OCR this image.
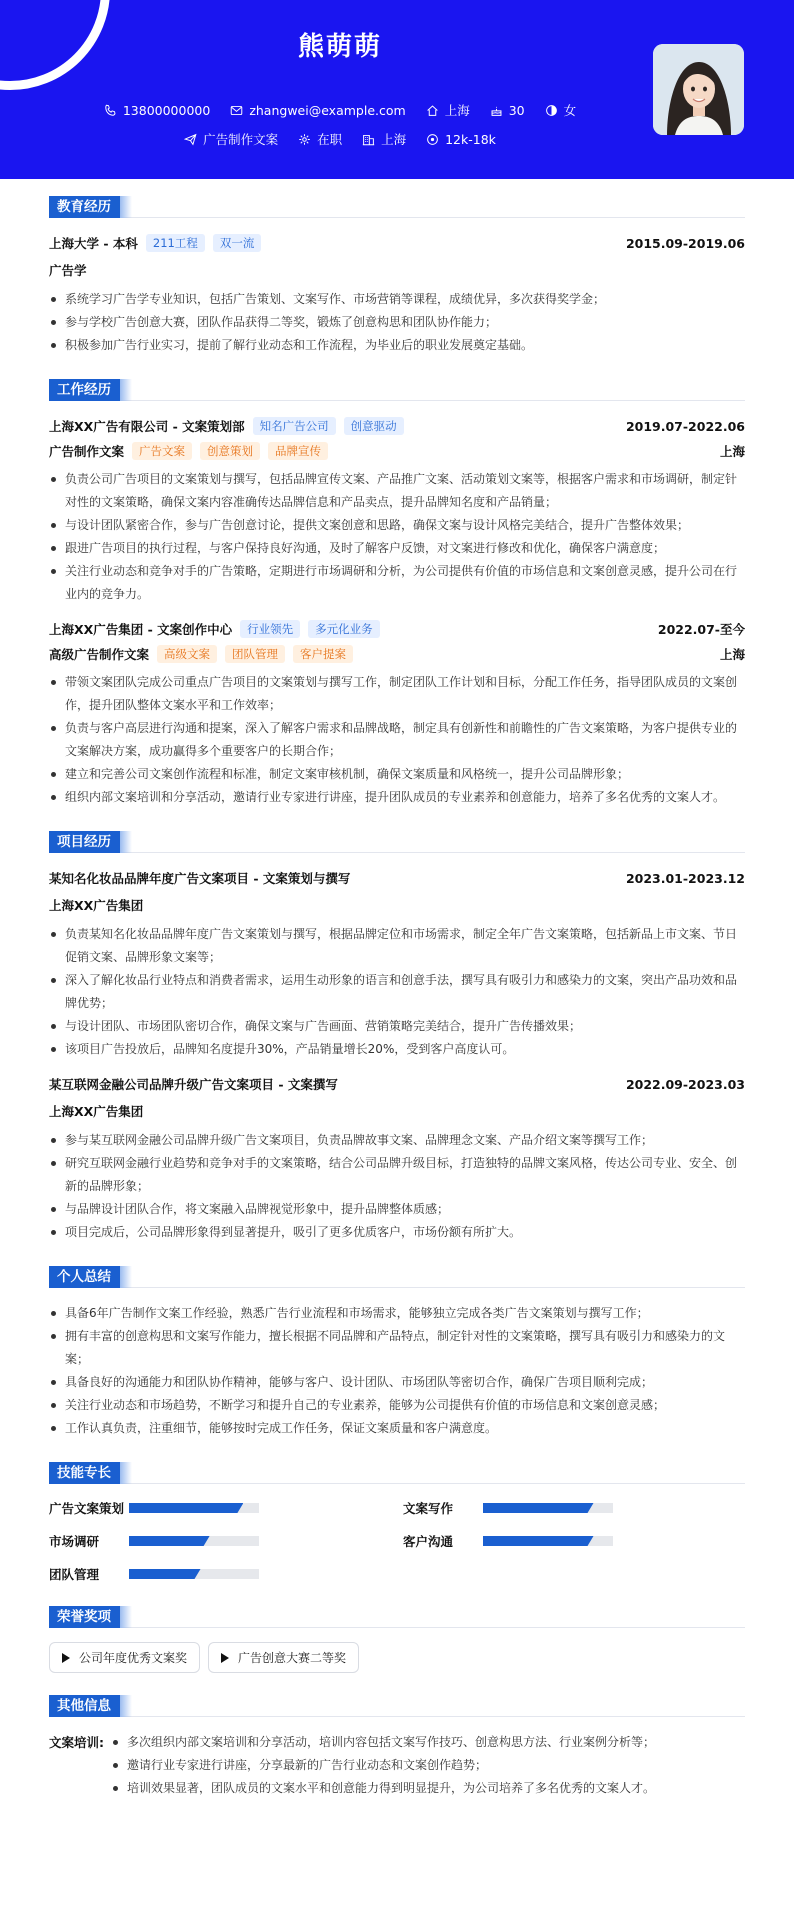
熊萌萌
13800000000	zhangwei@example.com	上海	30	女
广告制作文案	在职	上海	12k-18k
教育经历
上海大学 - 本科	211工程	双一流	2015.09-2019.06
广告学
系统学习广告学专业知识，包括广告策划、文案写作、市场营销等课程，成绩优异，多次获得奖学金；
参与学校广告创意大赛，团队作品获得二等奖，锻炼了创意构思和团队协作能力；
积极参加广告行业实习，提前了解行业动态和工作流程，为毕业后的职业发展奠定基础。
工作经历
上海XX广告有限公司 - 文案策划部	知名广告公司	创意驱动	2019.07-2022.06
广告制作文案	广告文案	创意策划	品牌宣传	上海
负责公司广告项目的文案策划与撰写，包括品牌宣传文案、产品推广文案、活动策划文案等，根据客户需求和市场调研，制定针对性的文案策略，确保文案内容准确传达品牌信息和产品卖点，提升品牌知名度和产品销量；
与设计团队紧密合作，参与广告创意讨论，提供文案创意和思路，确保文案与设计风格完美结合，提升广告整体效果；
跟进广告项目的执行过程，与客户保持良好沟通，及时了解客户反馈，对文案进行修改和优化，确保客户满意度；
关注行业动态和竞争对手的广告策略，定期进行市场调研和分析，为公司提供有价值的市场信息和文案创意灵感，提升公司在行业内的竞争力。
上海XX广告集团 - 文案创作中心	行业领先	多元化业务	2022.07-至今
高级广告制作文案	高级文案	团队管理	客户提案	上海
带领文案团队完成公司重点广告项目的文案策划与撰写工作，制定团队工作计划和目标，分配工作任务，指导团队成员的文案创作，提升团队整体文案水平和工作效率；
负责与客户高层进行沟通和提案，深入了解客户需求和品牌战略，制定具有创新性和前瞻性的广告文案策略，为客户提供专业的文案解决方案，成功赢得多个重要客户的长期合作；
建立和完善公司文案创作流程和标准，制定文案审核机制，确保文案质量和风格统一，提升公司品牌形象；
组织内部文案培训和分享活动，邀请行业专家进行讲座，提升团队成员的专业素养和创意能力，培养了多名优秀的文案人才。
项目经历
某知名化妆品品牌年度广告文案项目 - 文案策划与撰写	2023.01-2023.12
上海XX广告集团
负责某知名化妆品品牌年度广告文案策划与撰写，根据品牌定位和市场需求，制定全年广告文案策略，包括新品上市文案、节日促销文案、品牌形象文案等；
深入了解化妆品行业特点和消费者需求，运用生动形象的语言和创意手法，撰写具有吸引力和感染力的文案，突出产品功效和品牌优势；
与设计团队、市场团队密切合作，确保文案与广告画面、营销策略完美结合，提升广告传播效果；
该项目广告投放后，品牌知名度提升30%，产品销量增长20%，受到客户高度认可。
某互联网金融公司品牌升级广告文案项目 - 文案撰写	2022.09-2023.03
上海XX广告集团
参与某互联网金融公司品牌升级广告文案项目，负责品牌故事文案、品牌理念文案、产品介绍文案等撰写工作；
研究互联网金融行业趋势和竞争对手的文案策略，结合公司品牌升级目标，打造独特的品牌文案风格，传达公司专业、安全、创新的品牌形象；
与品牌设计团队合作，将文案融入品牌视觉形象中，提升品牌整体质感；
项目完成后，公司品牌形象得到显著提升，吸引了更多优质客户，市场份额有所扩大。
个人总结
具备6年广告制作文案工作经验，熟悉广告行业流程和市场需求，能够独立完成各类广告文案策划与撰写工作；
拥有丰富的创意构思和文案写作能力，擅长根据不同品牌和产品特点，制定针对性的文案策略，撰写具有吸引力和感染力的文案；
具备良好的沟通能力和团队协作精神，能够与客户、设计团队、市场团队等密切合作，确保广告项目顺利完成；
关注行业动态和市场趋势，不断学习和提升自己的专业素养，能够为公司提供有价值的市场信息和文案创意灵感；
工作认真负责，注重细节，能够按时完成工作任务，保证文案质量和客户满意度。
技能专长
广告文案策划	文案写作
市场调研	客户沟通
团队管理
荣誉奖项
公司年度优秀文案奖	广告创意大赛二等奖
其他信息
文案培训:	多次组织内部文案培训和分享活动，培训内容包括文案写作技巧、创意构思方法、行业案例分析等；
邀请行业专家进行讲座，分享最新的广告行业动态和文案创作趋势；
培训效果显著，团队成员的文案水平和创意能力得到明显提升，为公司培养了多名优秀的文案人才。
